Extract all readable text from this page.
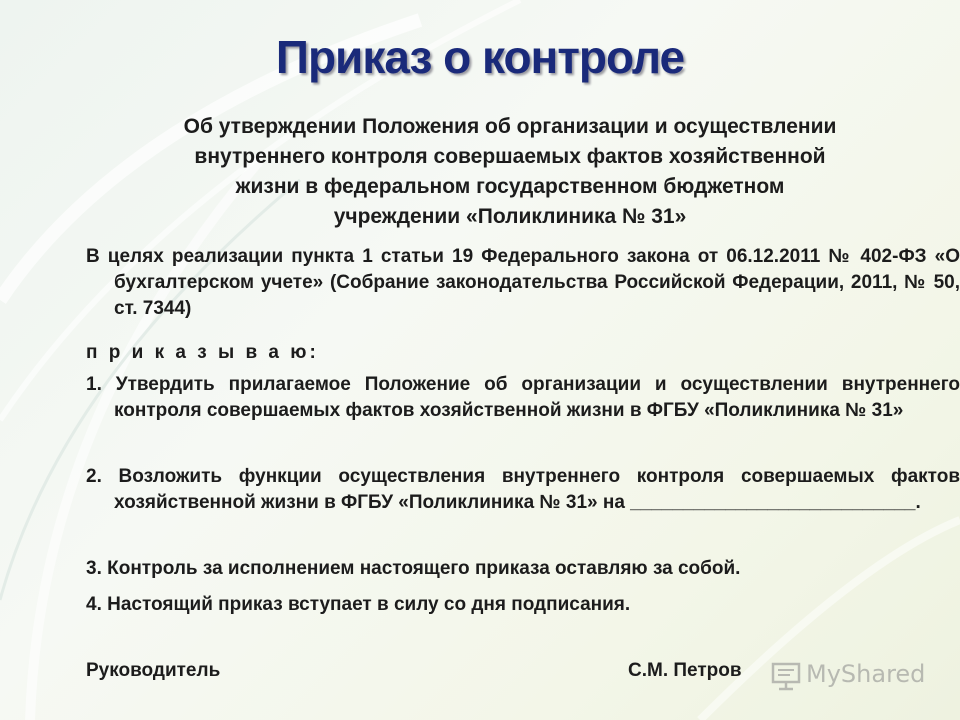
Приказ о контроле
Об утверждении Положения об организации и осуществлении
внутреннего контроля совершаемых фактов хозяйственной
жизни в федеральном государственном бюджетном
учреждении «Поликлиника № 31»
В целях реализации пункта 1 статьи 19 Федерального закона от 06.12.2011 № 402-ФЗ «О бухгалтерском учете» (Собрание законодательства Российской Федерации, 2011, № 50, ст. 7344)
п р и к а з ы в а ю:
1. Утвердить прилагаемое Положение об организации и осуществлении внутреннего контроля совершаемых фактов хозяйственной жизни в ФГБУ «Поликлиника № 31»
2. Возложить функции осуществления внутреннего контроля совершаемых фактов хозяйственной жизни в ФГБУ «Поликлиника № 31» на ___________________________.
3. Контроль за исполнением настоящего приказа оставляю за собой.
4. Настоящий приказ вступает в силу со дня подписания.
Руководитель	С.М. Петров	MyShared
